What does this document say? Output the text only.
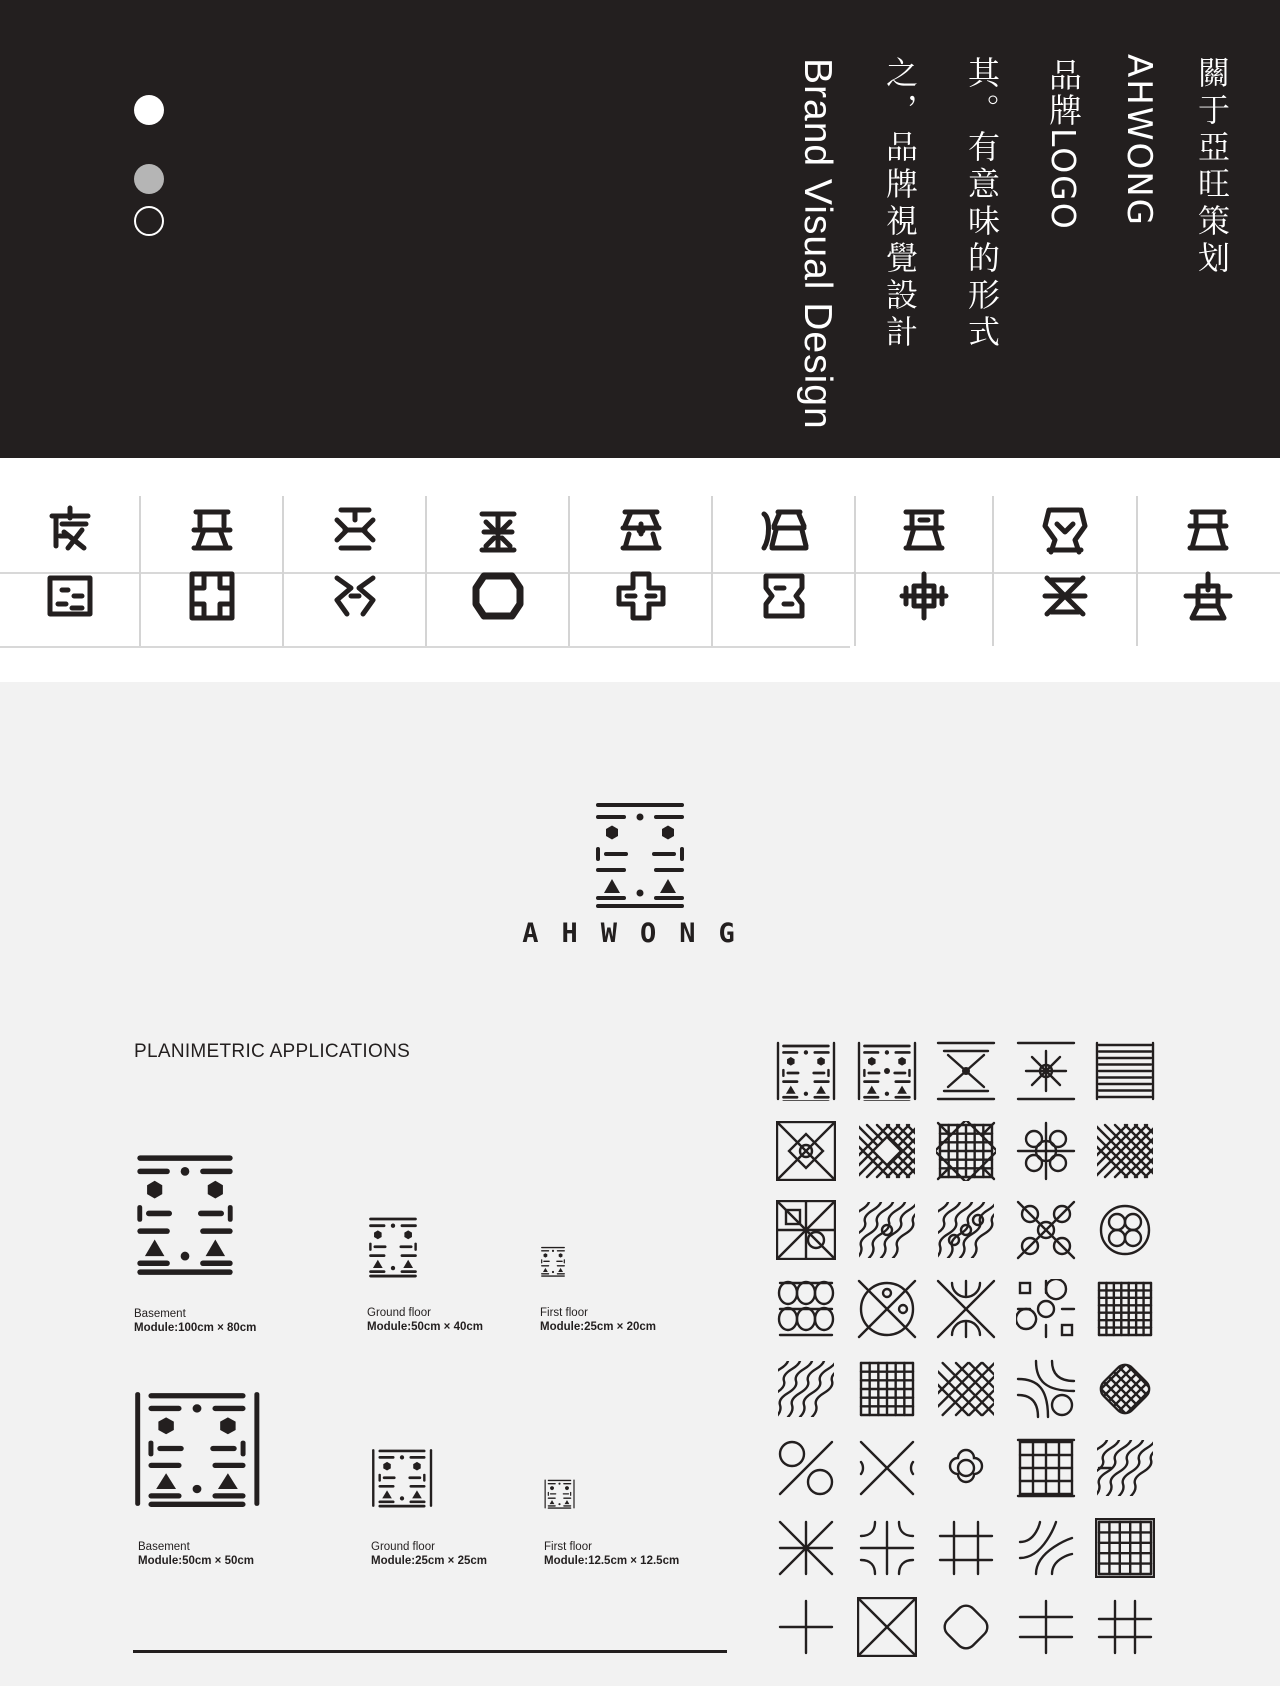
關于亞旺策划
AHWONG
品牌LOGO
其。有意味的形式
之，品牌視覺設計
Brand Visual Design
AHWONG
PLANIMETRIC APPLICATIONS
Basement
Module:100cm × 80cm
Ground floor
Module:50cm × 40cm
First floor
Module:25cm × 20cm
Basement
Module:50cm × 50cm
Ground floor
Module:25cm × 25cm
First floor
Module:12.5cm × 12.5cm
